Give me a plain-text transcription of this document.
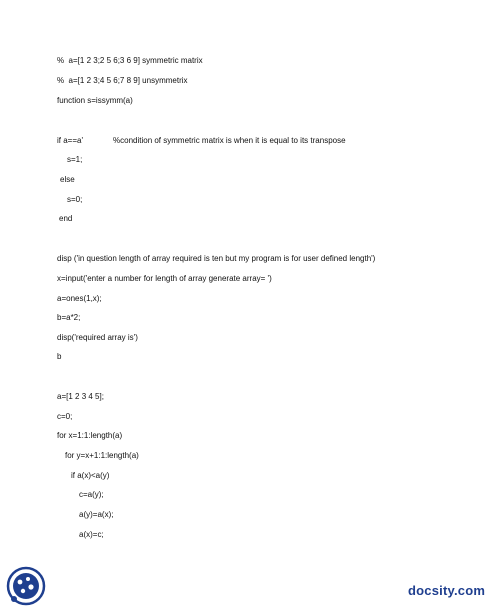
%  a=[1 2 3;2 5 6;3 6 9] symmetric matrix
%  a=[1 2 3;4 5 6;7 8 9] unsymmetrix
function s=issymm(a)
if a==a'	%condition of symmetric matrix is when it is equal to its transpose
s=1;
else
s=0;
end
disp ('in question length of array required is ten but my program is for user defined length')
x=input('enter a number for length of array generate array= ')
a=ones(1,x);
b=a*2;
disp('required array is')
b
a=[1 2 3 4 5];
c=0;
for x=1:1:length(a)
for y=x+1:1:length(a)
if a(x)<a(y)
c=a(y);
a(y)=a(x);
a(x)=c;
docsity.com
